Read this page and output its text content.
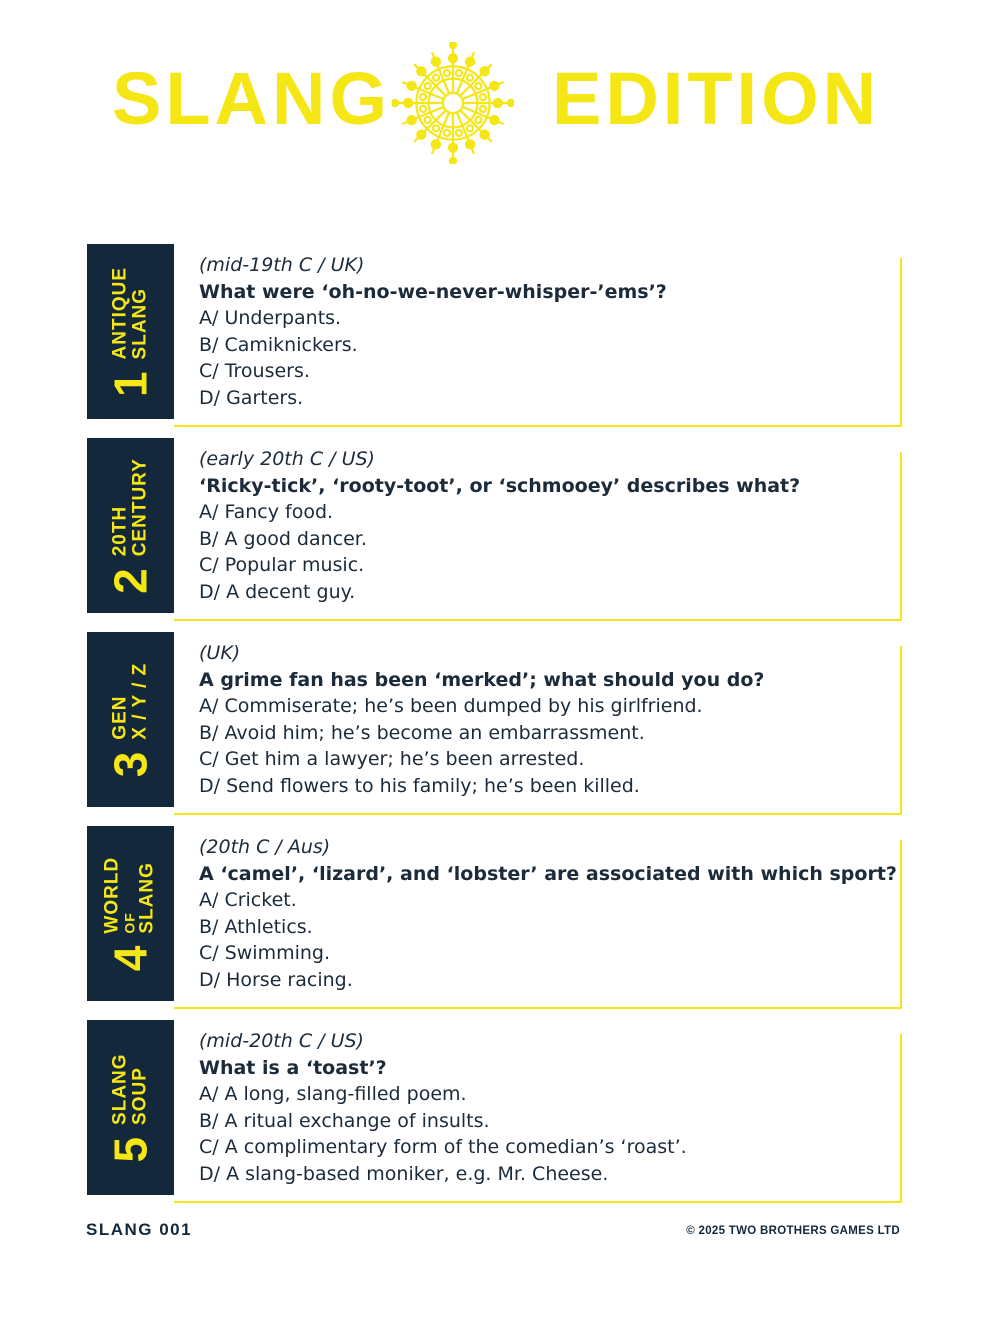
SLANG EDITION
1
ANTIQUE
SLANG
(mid-19th C / UK)
What were ‘oh-no-we-never-whisper-’ems’?
A/ Underpants.
B/ Camiknickers.
C/ Trousers.
D/ Garters.
2
20TH
CENTURY	(early 20th C / US)
‘Ricky-tick’, ‘rooty-toot’, or ‘schmooey’ describes what?
A/ Fancy food.
B/ A good dancer.
C/ Popular music.
D/ A decent guy.
3
GEN
X / Y / Z
(UK)
A grime fan has been ‘merked’; what should you do?
A/ Commiserate; he’s been dumped by his girlfriend.
B/ Avoid him; he’s become an embarrassment.
C/ Get him a lawyer; he’s been arrested.
D/ Send flowers to his family; he’s been killed.
4
WORLD
OF
SLANG
(20th C / Aus)
A ‘camel’, ‘lizard’, and ‘lobster’ are associated with which sport?
A/ Cricket.
B/ Athletics.
C/ Swimming.
D/ Horse racing.
5
SLANG
SOUP
(mid-20th C / US)
What is a ‘toast’?
A/ A long, slang-filled poem.
B/ A ritual exchange of insults.
C/ A complimentary form of the comedian’s ‘roast’.
D/ A slang-based moniker, e.g. Mr. Cheese.
SLANG 001	© 2025 TWO BROTHERS GAMES LTD
